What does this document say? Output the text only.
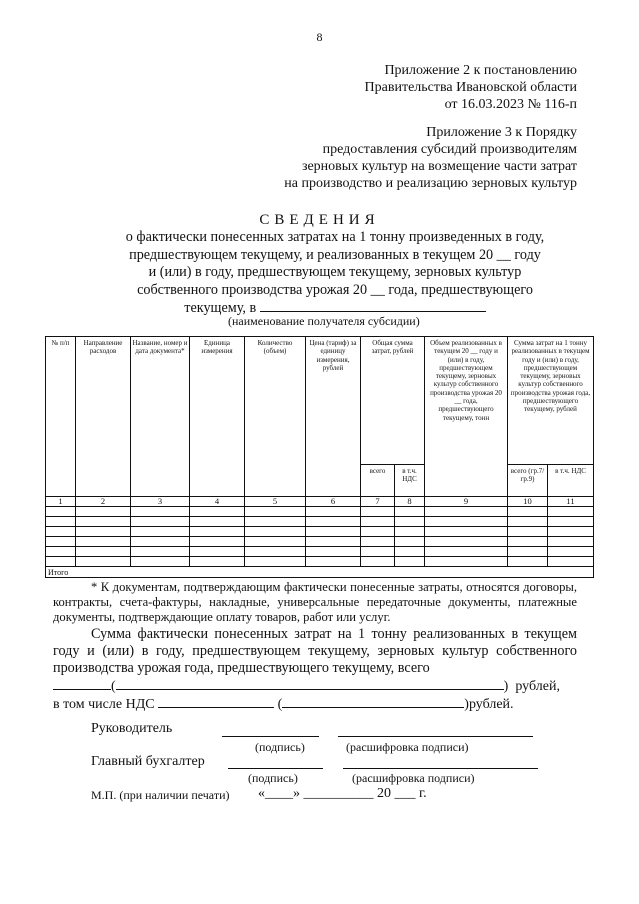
8
Приложение 2 к постановлению
Правительства Ивановской области
от 16.03.2023 № 116-п
Приложение 3 к Порядку
предоставления субсидий производителям
зерновых культур на возмещение части затрат
на производство и реализацию зерновых культур
СВЕДЕНИЯ
о фактически понесенных затратах на 1 тонну произведенных в году,
предшествующем текущему, и реализованных в текущем 20 __ году
и (или) в году, предшествующем текущему, зерновых культур
собственного производства урожая 20 __ года, предшествующего
текущему, в
(наименование получателя субсидии)
№ п/п	Направление расходов	Название, номер и дата документа*	Единица измерения	Количество (объем)	Цена (тариф) за единицу измерения, рублей	Общая сумма затрат, рублей		Объем реализованных в текущем 20 __ году и (или) в году, предшествующем текущему, зерновых культур собственного производства урожая 20 __ года, предшествующего текущему, тонн	Сумма затрат на 1 тонну реализованных в текущем году и (или) в году, предшествующем текущему, зерновых культур собственного производства урожая года, предшествующего текущему, рублей	
						всего	в т.ч. НДС		всего (гр.7/ гр.9)	в т.ч. НДС
1	2	3	4	5	6	7	8	9	10	11

Итого										
* К документам, подтверждающим фактически понесенные затраты, относятся договоры, контракты, счета-фактуры, накладные, универсальные передаточные документы, платежные документы, подтверждающие оплату товаров, работ или услуг.
Сумма фактически понесенных затрат на 1 тонну реализованных в текущем году и (или) в году, предшествующем текущему, зерновых культур собственного производства урожая года, предшествующего текущему, всего
(	)  рублей,
в том числе НДС	(	)рублей.
Руководитель
(подпись)	(расшифровка подписи)
Главный бухгалтер
(подпись)	(расшифровка подписи)
М.П. (при наличии печати) «____» __________ 20 ___ г.
